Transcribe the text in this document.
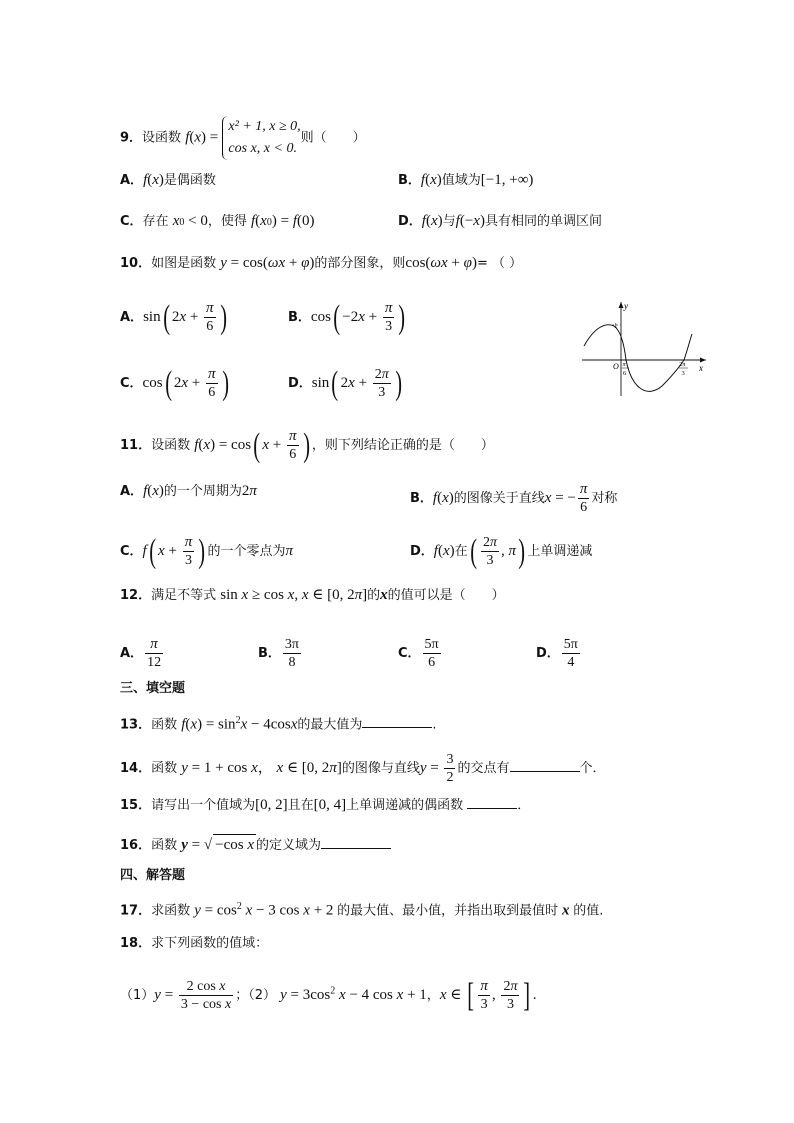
9．设函数 f(x) =
x² + 1, x ≥ 0,
cos x, x < 0.
则（　　）
A．f(x)是偶函数	B．f(x)值域为[−1, +∞)
C．存在 x0 < 0，使得 f(x0) = f(0)	D．f(x)与f(−x)具有相同的单调区间
10．如图是函数 y = cos(ωx + φ)的部分图象，则cos(ωx + φ)= （ ）
A．sin( $2x + \frac{\pi}{6}$ )	B．$\cos( -2x + \frac{\pi}{3}$ )
C．cos( $2x + \frac{\pi}{6}$ )	D．sin( $2x + \frac{2\pi}{3}$ )
y
x
O
1
π
6
2π
3
11．设函数 f(x) = cos( $x + \frac{\pi}{6}$ ) ，则下列结论正确的是（　　）
A．f(x)的一个周期为2π	B．f(x)的图像关于直线x = − $\frac{\pi}{6}$ 对称
C．f( $x + \frac{\pi}{3}$ ) 的一个零点为π	D．f(x)在( $\frac{2\pi}{3}$ , π) 上单调递减
12．满足不等式 sin x ≥ cos x, x ∈ [0, 2π]的x的值可以是（　　）
A． $\frac{\pi}{12}$	B． $\frac{3\pi}{8}$	C． $\frac{5\pi}{6}$	D． $\frac{5\pi}{4}$
三、填空题
13．函数 $f(x) = \sin^2x - 4\cos x$的最大值为	.
14．函数 y = 1 + cos x， x ∈ [0, 2π]的图像与直线$y = \frac{3}{2}$ 的交点有	个．
15．请写出一个值域为[0, 2]且在[0, 4]上单调递减的偶函数	．
16．函数 y = √ −cos x 的定义域为
四、解答题
17．求函数 $y = \cos^2 x - 3$ cos x + 2 的最大值、最小值，并指出取到最值时 x 的值.
18．求下列函数的值域：
$(1)y = \frac{\text{2 cos x}}{\text{3 − cos x}}$ ；（2） $y = 3\cos^2$ x − 4 cos x + 1，x ∈ [ $\frac{\pi}{3}$ , $\frac{2\pi}{3}$ ] .
